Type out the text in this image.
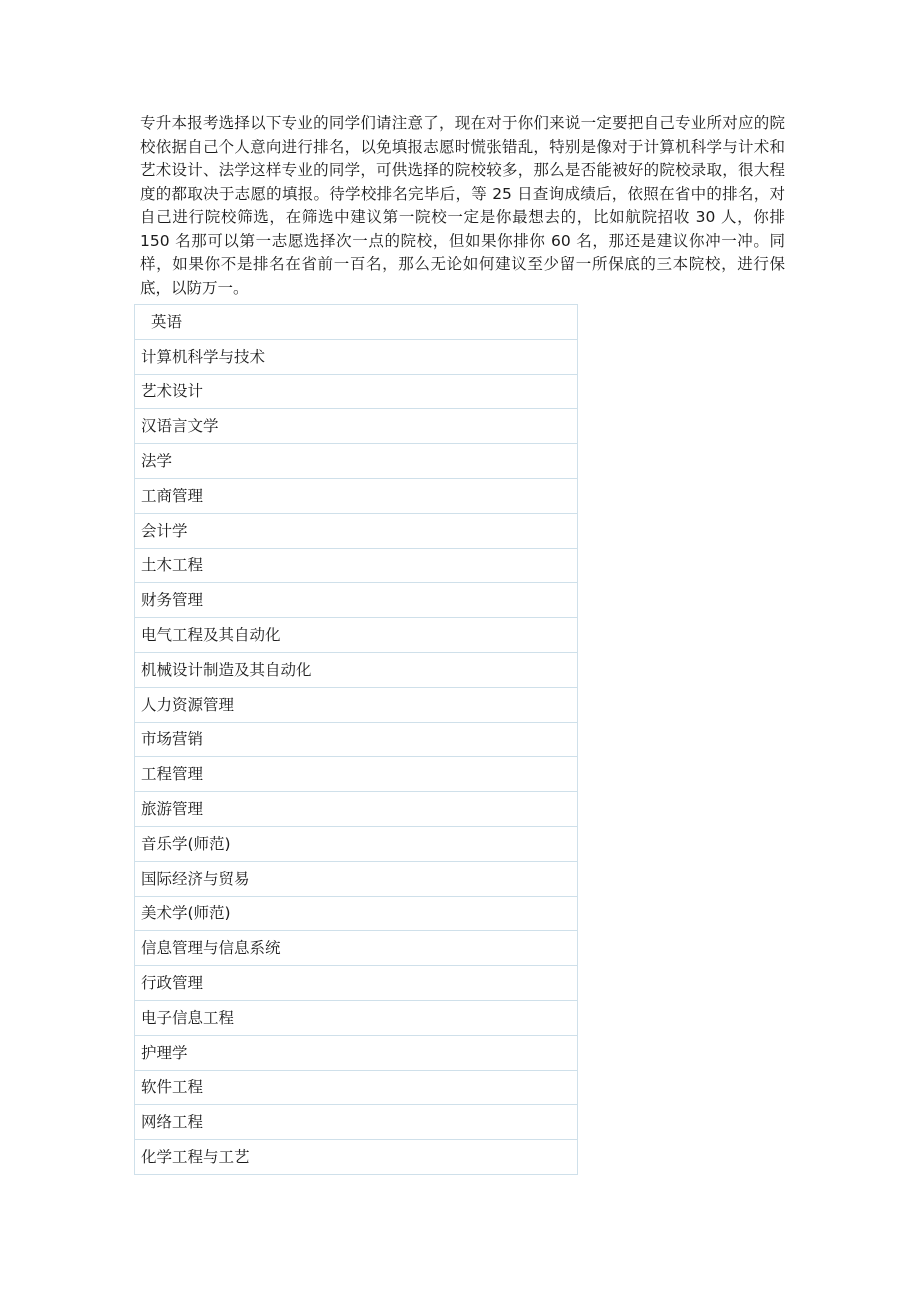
专升本报考选择以下专业的同学们请注意了，现在对于你们来说一定要把自己专业所对应的院校依据自己个人意向进行排名，以免填报志愿时慌张错乱，特别是像对于计算机科学与计术和艺术设计、法学这样专业的同学，可供选择的院校较多，那么是否能被好的院校录取，很大程度的都取决于志愿的填报。待学校排名完毕后，等 25 日查询成绩后，依照在省中的排名，对自己进行院校筛选，在筛选中建议第一院校一定是你最想去的，比如航院招收 30 人，你排 150 名那可以第一志愿选择次一点的院校，但如果你排你 60 名，那还是建议你冲一冲。同样，如果你不是排名在省前一百名，那么无论如何建议至少留一所保底的三本院校，进行保底，以防万一。

英语
计算机科学与技术
艺术设计
汉语言文学
法学
工商管理
会计学
土木工程
财务管理
电气工程及其自动化
机械设计制造及其自动化
人力资源管理
市场营销
工程管理
旅游管理
音乐学(师范)
国际经济与贸易
美术学(师范)
信息管理与信息系统
行政管理
电子信息工程
护理学
软件工程
网络工程
化学工程与工艺
